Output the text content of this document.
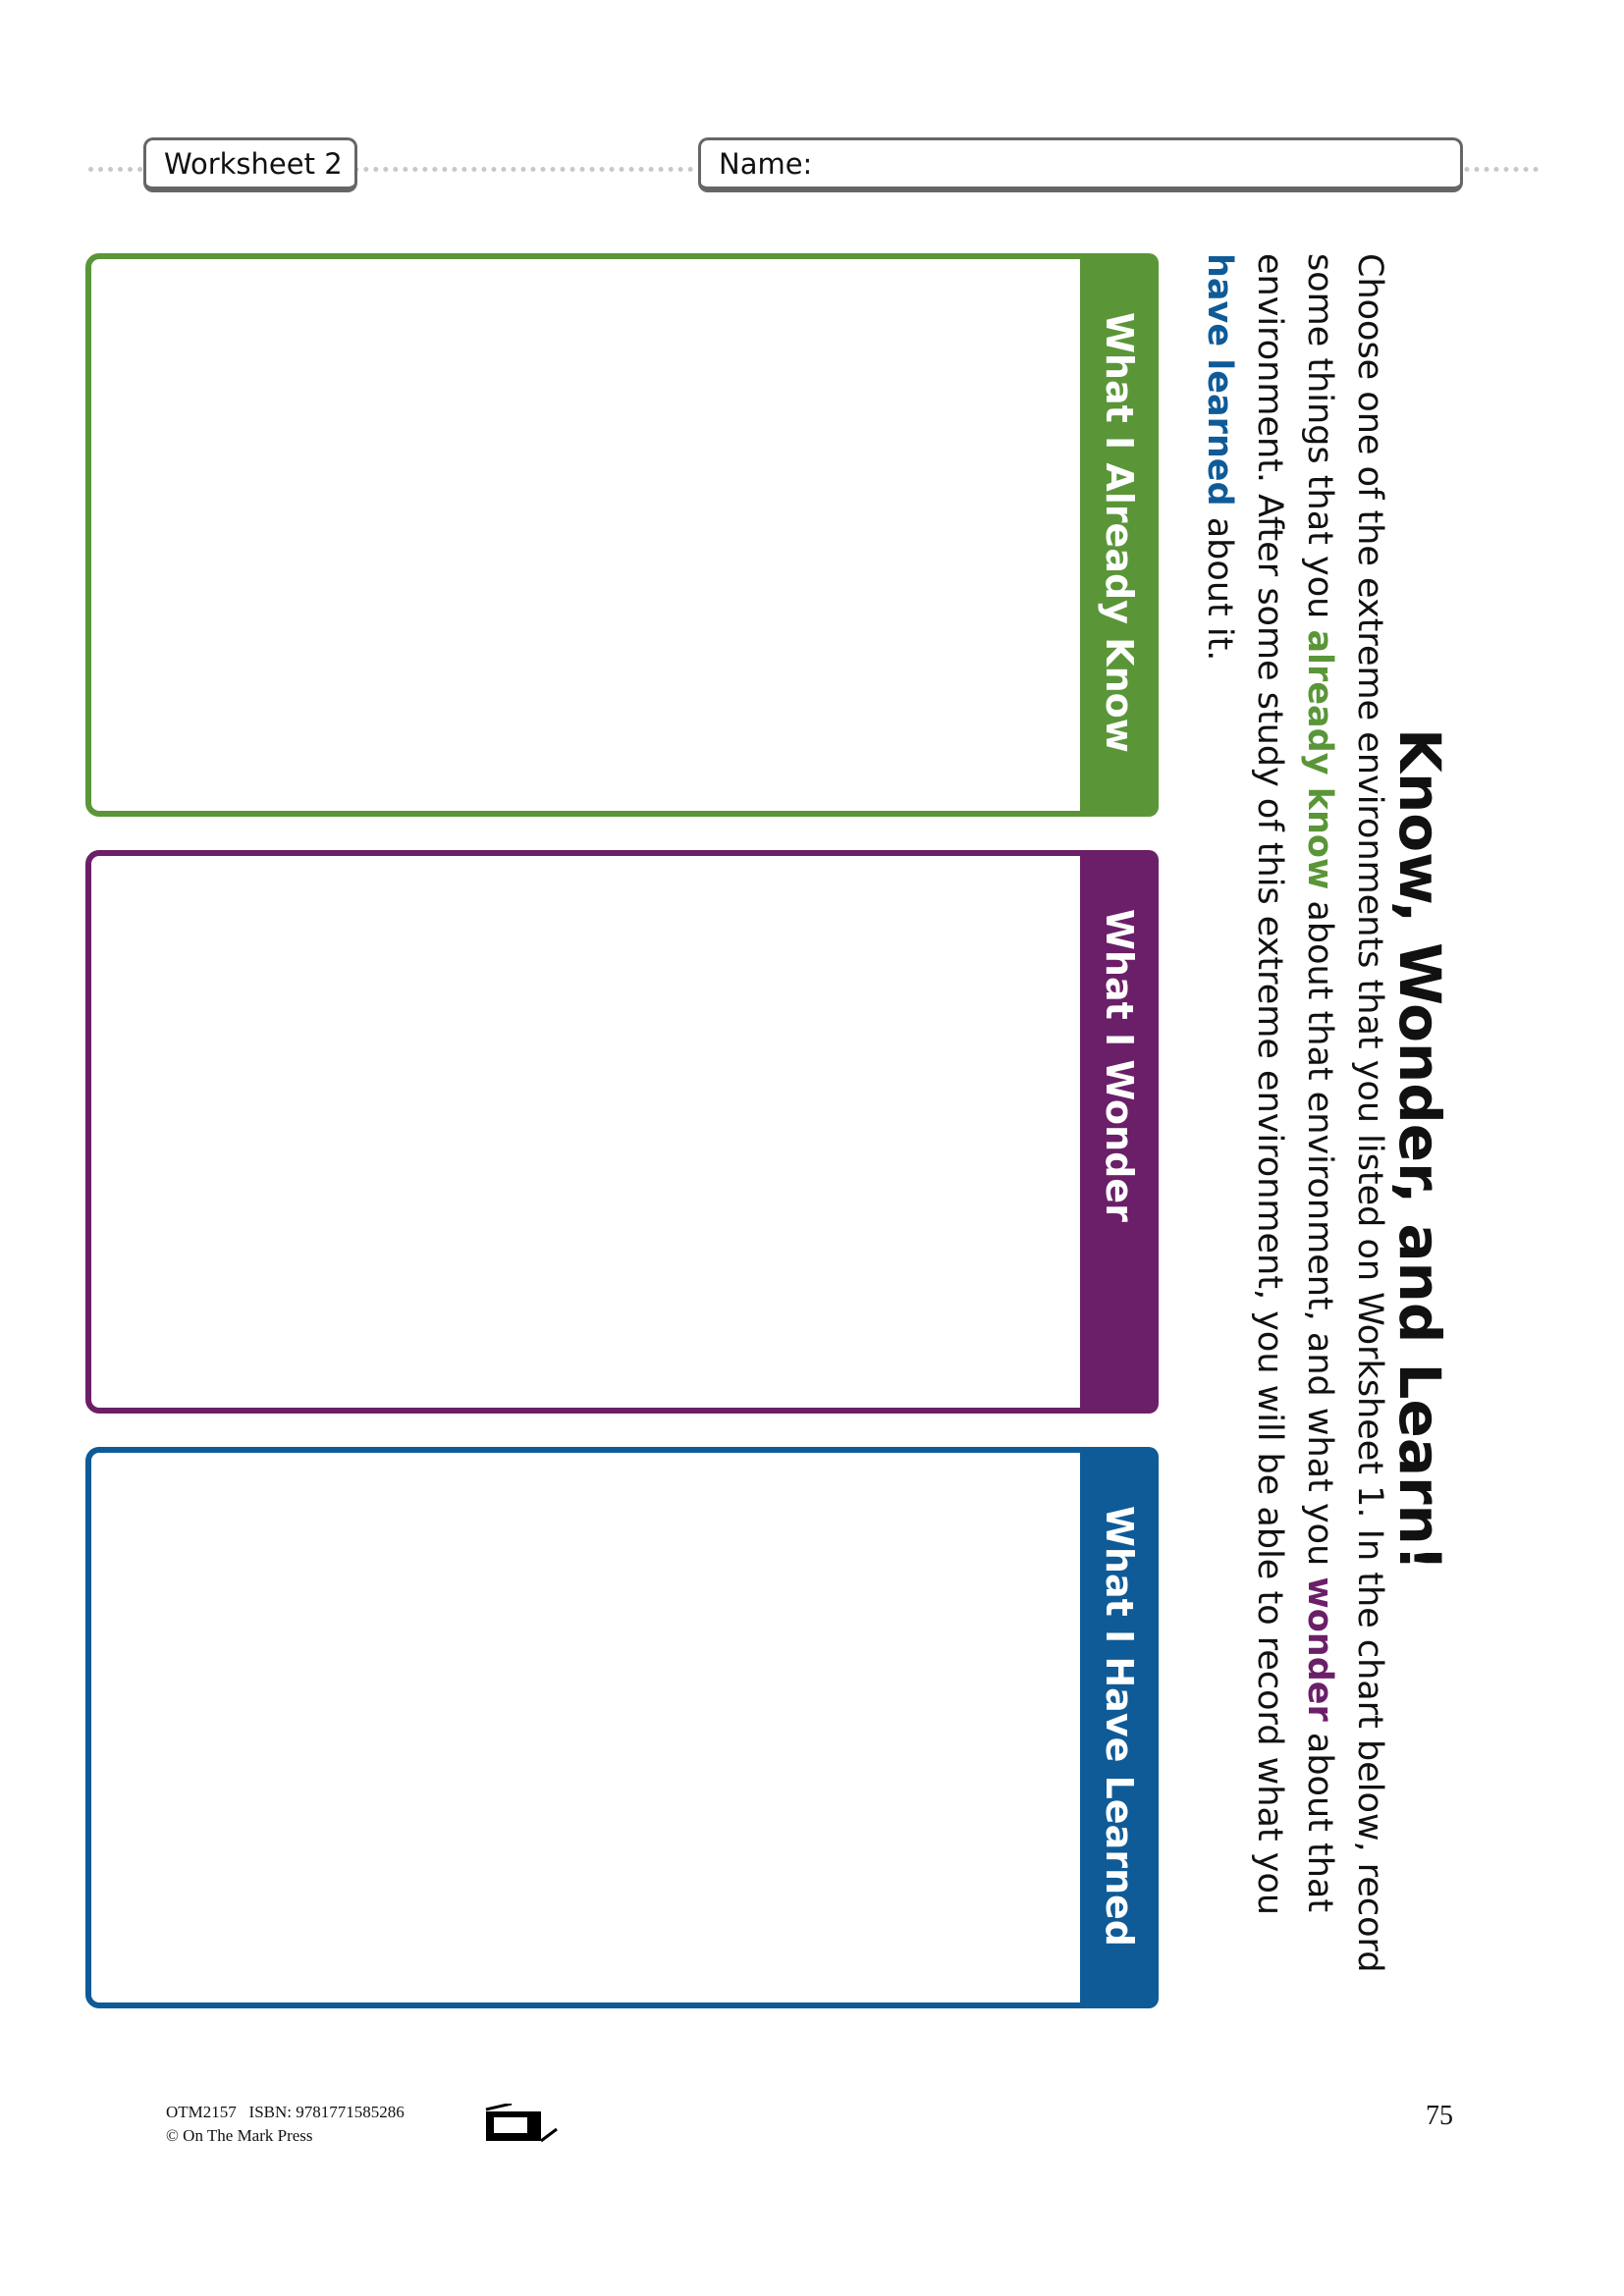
Worksheet 2	Name:
Know, Wonder, and Learn!
Choose one of the extreme environments that you listed on Worksheet 1. In the chart below, record some things that you already know about that environment, and what you wonder about that environment. After some study of this extreme environment, you will be able to record what you have learned about it.
What I Already Know
What I Wonder
What I Have Learned
OTM2157 ISBN: 9781771585286
© On The Mark Press
75
